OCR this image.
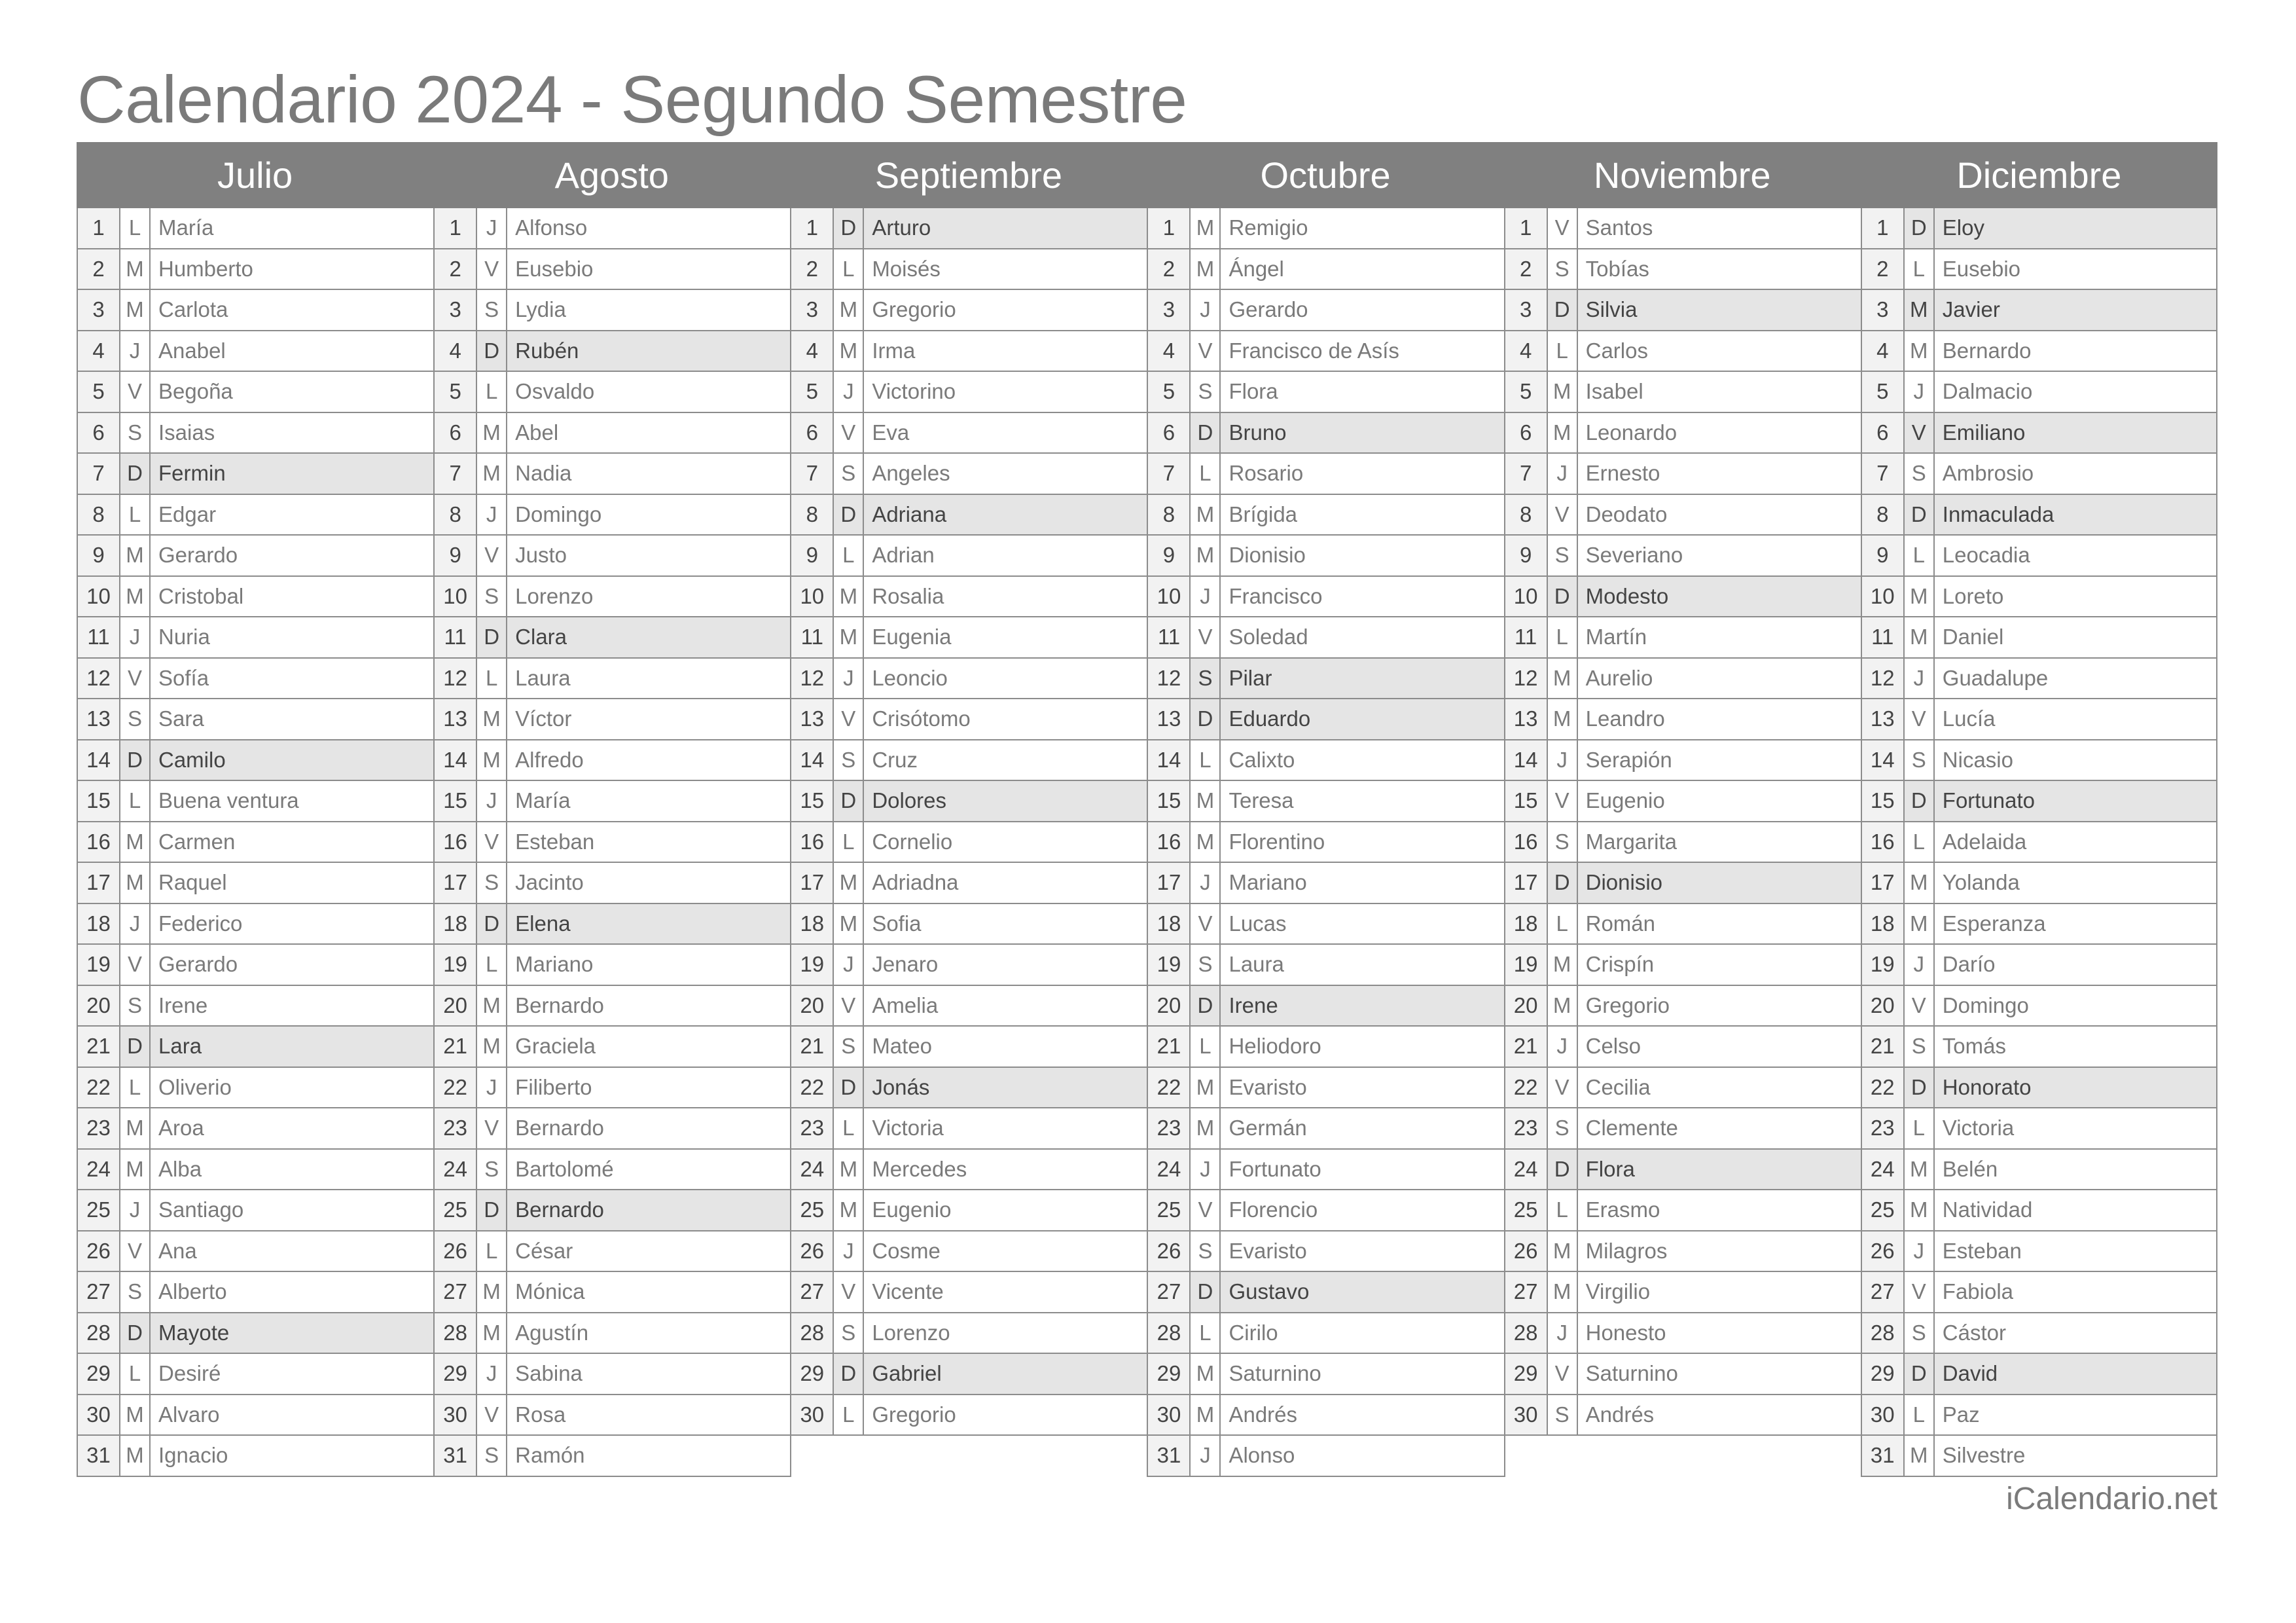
Calendario 2024 - Segundo Semestre
Julio	Agosto	Septiembre	Octubre	Noviembre	Diciembre
1	L María
2 M Humberto
3 M Carlota
4	J Anabel
5	V Begoña
6	S Isaias
7	D Fermin
8	L Edgar
9 M Gerardo
10 M Cristobal
11 J Nuria
12 V Sofía
13 S Sara
14 D Camilo
15 L Buena ventura
16 M Carmen
17 M Raquel
18 J Federico
19 V Gerardo
20 S Irene
21 D Lara
22 L Oliverio
23 M Aroa
24 M Alba
25 J Santiago
26 V Ana
27 S Alberto
28 D Mayote
29 L Desiré
30 M Alvaro
31 M Ignacio
1	J Alfonso
2	V Eusebio
3	S Lydia
4	D Rubén
5	L Osvaldo
6 M Abel
7 M Nadia
8	J Domingo
9	V Justo
10 S Lorenzo
11 D Clara
12 L Laura
13 M Víctor
14 M Alfredo
15 J María
16 V Esteban
17 S Jacinto
18 D Elena
19 L Mariano
20 M Bernardo
21 M Graciela
22 J Filiberto
23 V Bernardo
24 S Bartolomé
25 D Bernardo
26 L César
27 M Mónica
28 M Agustín
29 J Sabina
30 V Rosa
31 S Ramón
1	D Arturo
2	L Moisés
3 M Gregorio
4 M Irma
5	J Victorino
6	V Eva
7	S Angeles
8	D Adriana
9	L Adrian
10 M Rosalia
11 M Eugenia
12 J Leoncio
13 V Crisótomo
14 S Cruz
15 D Dolores
16 L Cornelio
17 M Adriadna
18 M Sofia
19 J Jenaro
20 V Amelia
21 S Mateo
22 D Jonás
23 L Victoria
24 M Mercedes
25 M Eugenio
26 J Cosme
27 V Vicente
28 S Lorenzo
29 D Gabriel
30 L Gregorio
1 M Remigio
2 M Ángel
3	J Gerardo
4	V Francisco de Asís
5	S Flora
6	D Bruno
7	L Rosario
8 M Brígida
9 M Dionisio
10 J Francisco
11 V Soledad
12 S Pilar
13 D Eduardo
14 L Calixto
15 M Teresa
16 M Florentino
17 J Mariano
18 V Lucas
19 S Laura
20 D Irene
21 L Heliodoro
22 M Evaristo
23 M Germán
24 J Fortunato
25 V Florencio
26 S Evaristo
27 D Gustavo
28 L Cirilo
29 M Saturnino
30 M Andrés
31 J Alonso
1	V Santos
2	S Tobías
3	D Silvia
4	L Carlos
5 M Isabel
6 M Leonardo
7	J Ernesto
8	V Deodato
9	S Severiano
10 D Modesto
11 L Martín
12 M Aurelio
13 M Leandro
14 J Serapión
15 V Eugenio
16 S Margarita
17 D Dionisio
18 L Román
19 M Crispín
20 M Gregorio
21 J Celso
22 V Cecilia
23 S Clemente
24 D Flora
25 L Erasmo
26 M Milagros
27 M Virgilio
28 J Honesto
29 V Saturnino
30 S Andrés
1	D Eloy
2	L Eusebio
3 M Javier
4 M Bernardo
5	J Dalmacio
6	V Emiliano
7	S Ambrosio
8	D Inmaculada
9	L Leocadia
10 M Loreto
11 M Daniel
12 J Guadalupe
13 V Lucía
14 S Nicasio
15 D Fortunato
16 L Adelaida
17 M Yolanda
18 M Esperanza
19 J Darío
20 V Domingo
21 S Tomás
22 D Honorato
23 L Victoria
24 M Belén
25 M Natividad
26 J Esteban
27 V Fabiola
28 S Cástor
29 D David
30 L Paz
31 M Silvestre
iCalendario.net
